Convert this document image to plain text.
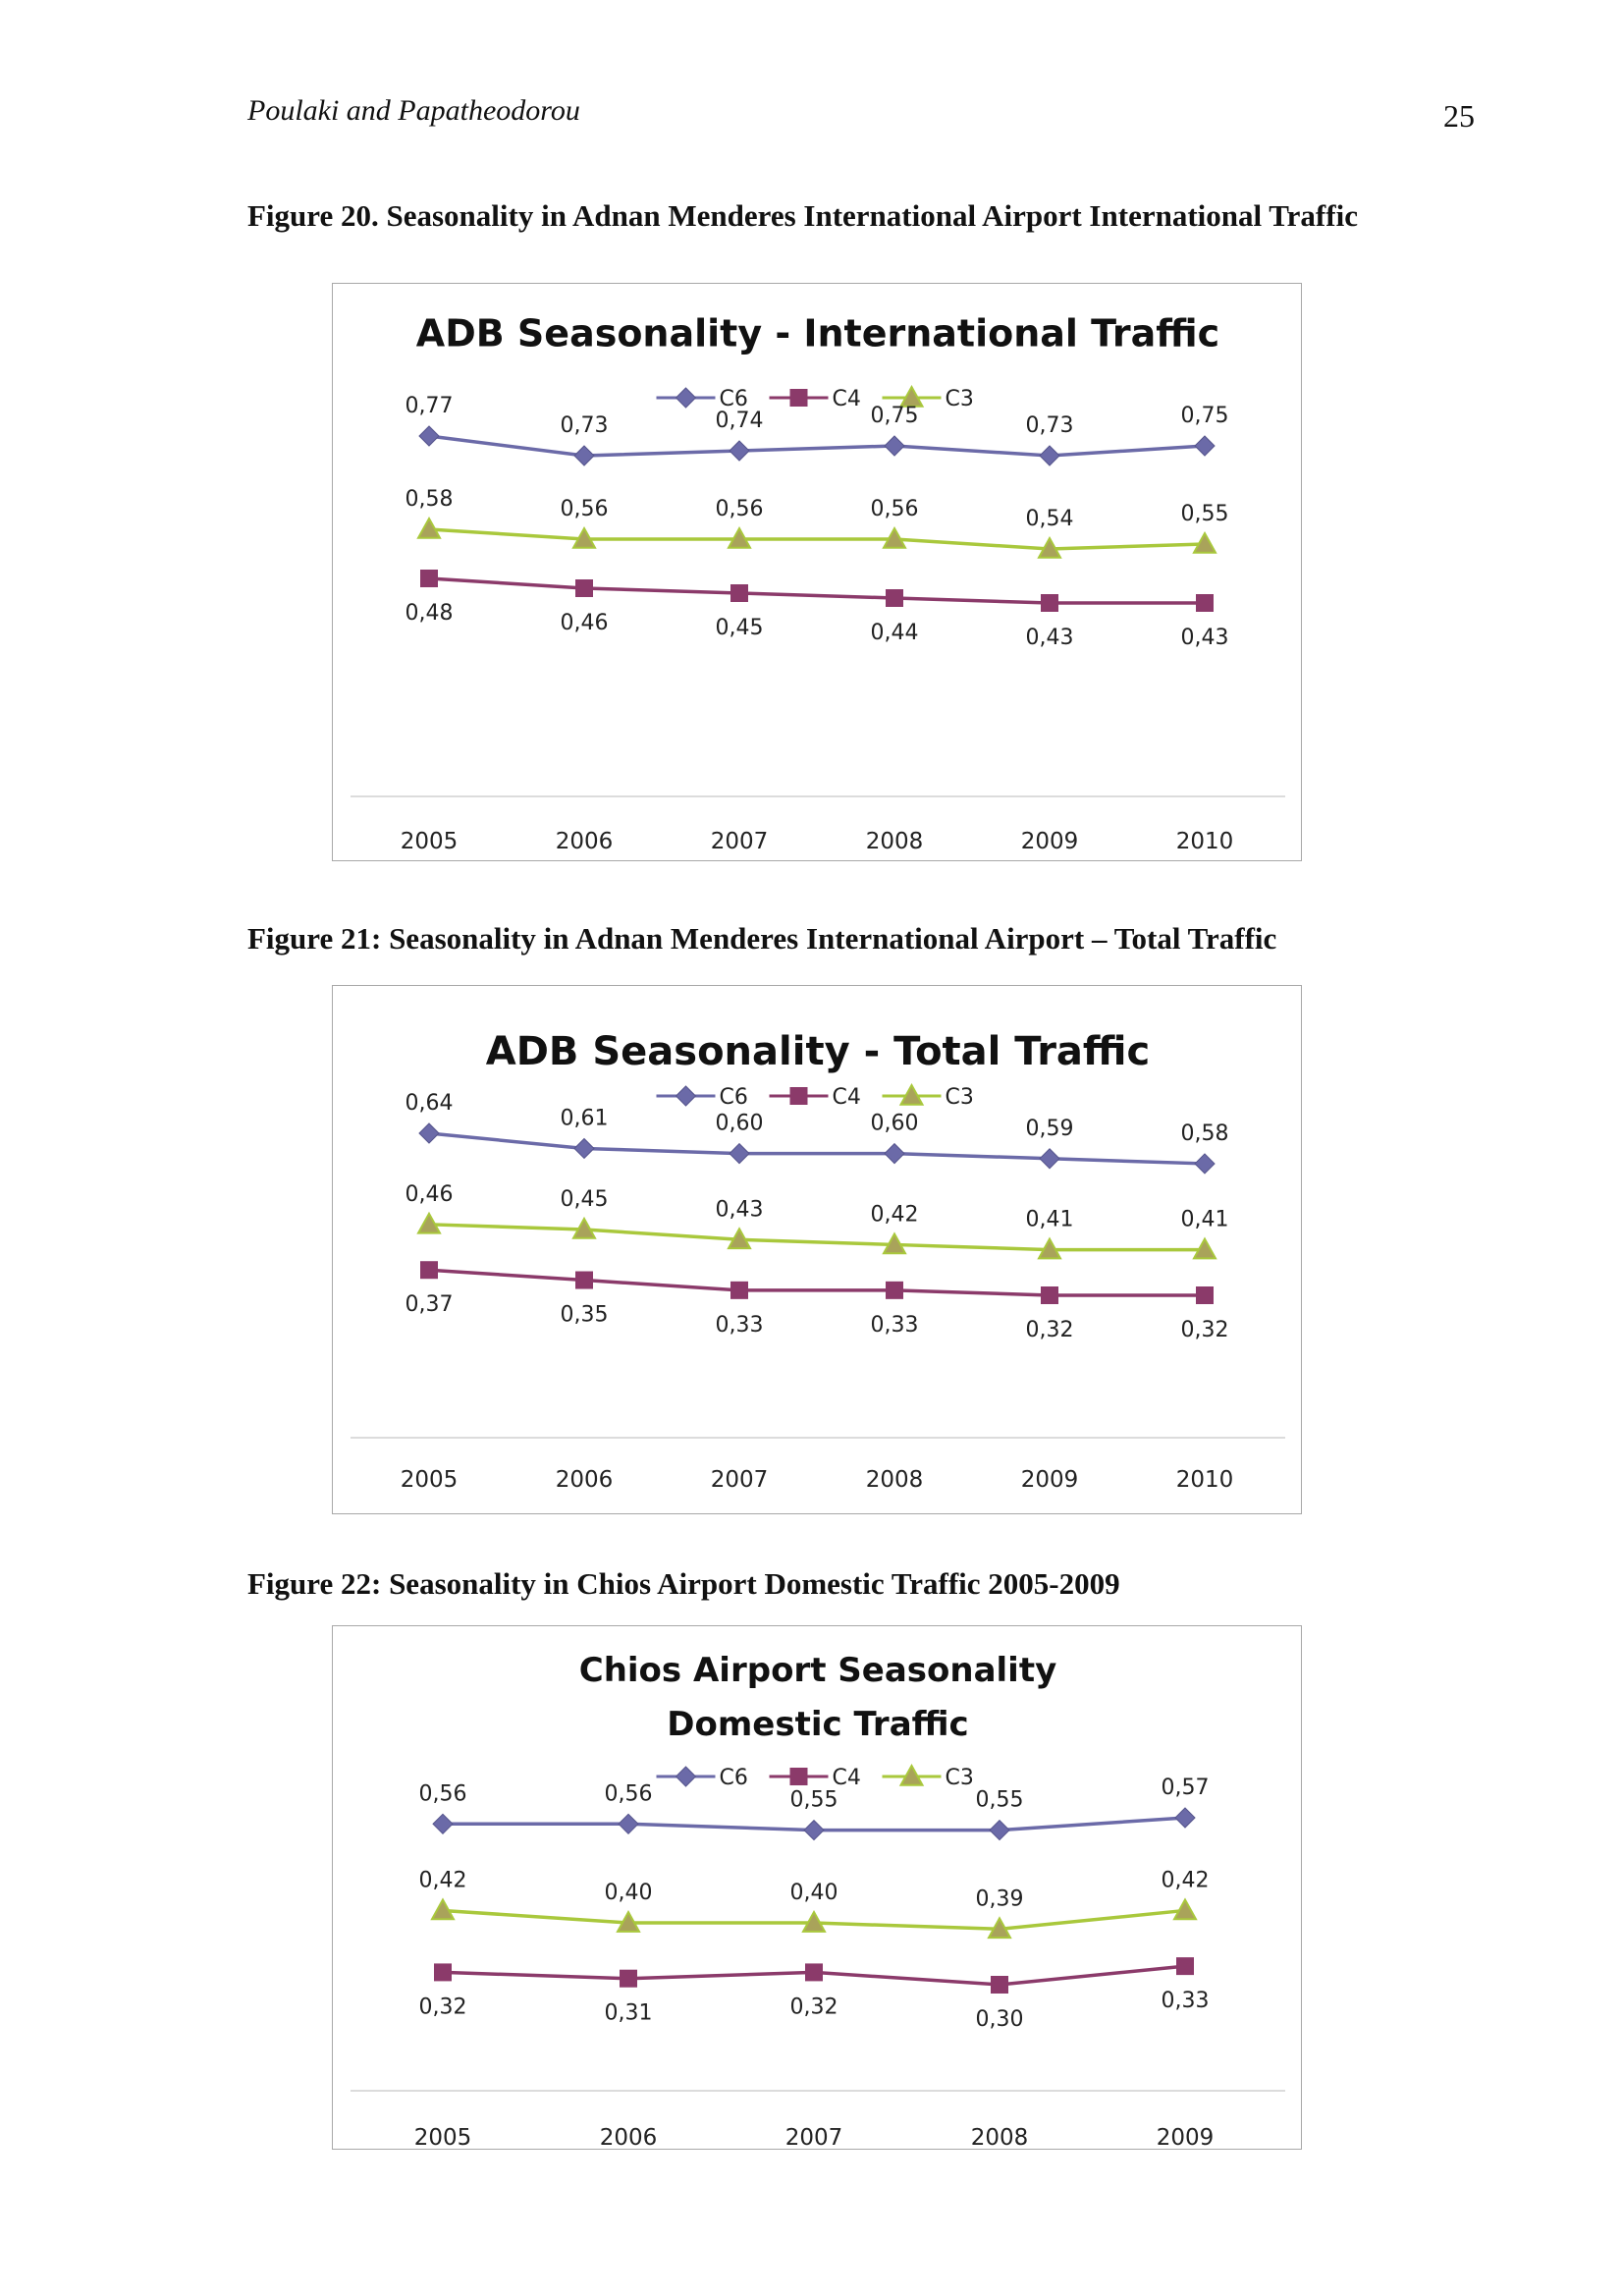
Poulaki and Papatheodorou	25
Figure 20. Seasonality in Adnan Menderes International Airport International Traffic
ADB Seasonality - International Traffic
C6	C4	C3
2005	2006	2007	2008	2009	2010
0,77
0,73	0,74	0,75	0,73	0,75
0,48	0,46	0,45	0,44	0,43	0,43
0,58	0,56	0,56	0,56	0,54	0,55
Figure 21: Seasonality in Adnan Menderes International Airport – Total Traffic
ADB Seasonality - Total Traffic
C6	C4	C3
2005	2006	2007	2008	2009	2010
0,64
0,61	0,60	0,60	0,59	0,58
0,37	0,35	0,33	0,33	0,32	0,32
0,46	0,45	0,43	0,42	0,41	0,41
Figure 22: Seasonality in Chios Airport Domestic Traffic 2005-2009
Chios Airport Seasonality
Domestic Traffic
C6	C4	C3
2005	2006	2007	2008	2009
0,56	0,56	0,55	0,55
0,57
0,32	0,31	0,32
0,30
0,33
0,42
0,40	0,40	0,39
0,42
